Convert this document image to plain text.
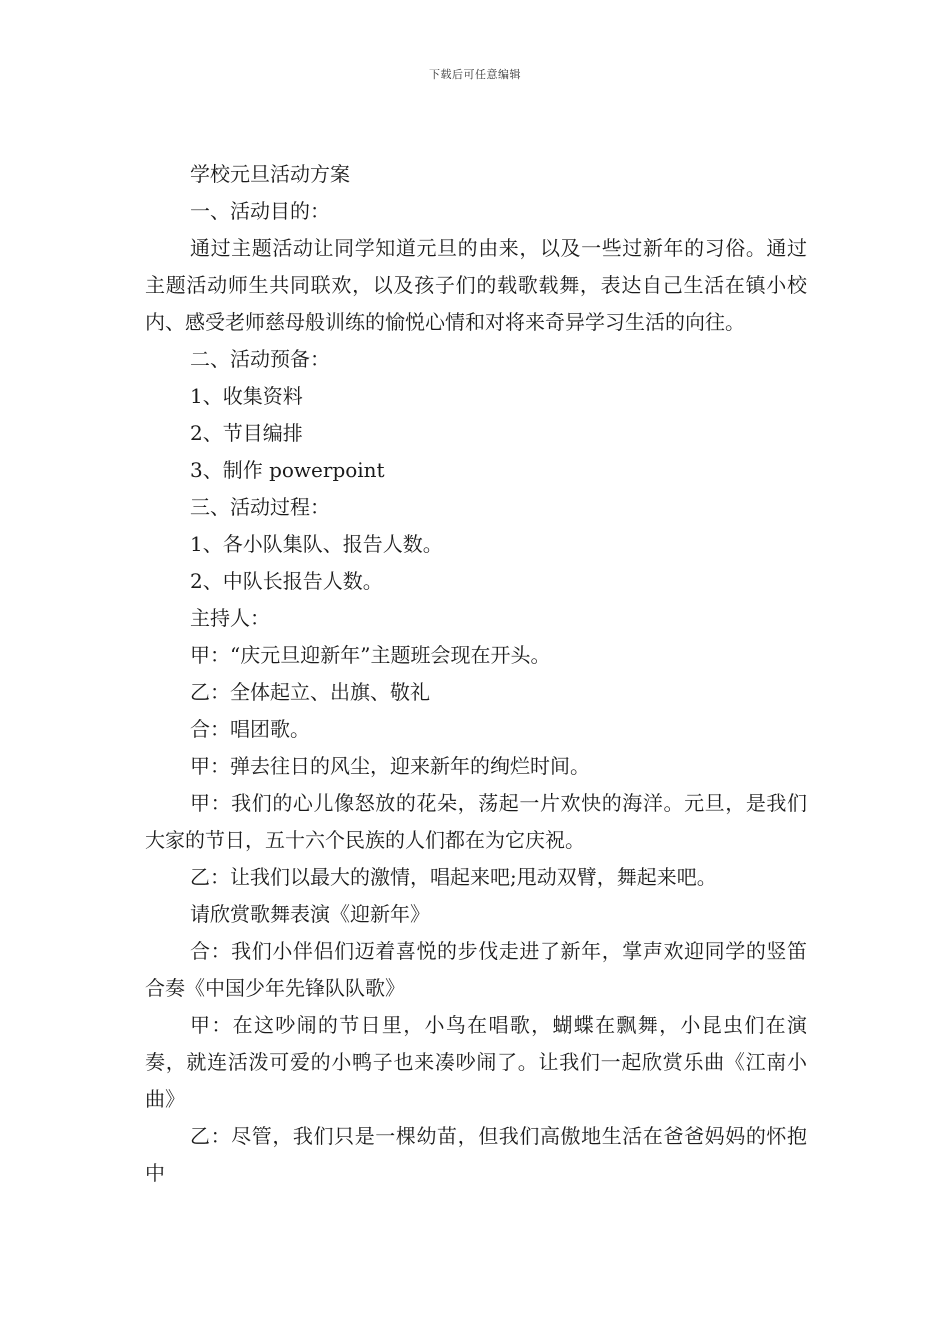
下载后可任意编辑

学校元旦活动方案

一、活动目的：

通过主题活动让同学知道元旦的由来，以及一些过新年的习俗。通过主题活动师生共同联欢，以及孩子们的载歌载舞，表达自己生活在镇小校内、感受老师慈母般训练的愉悦心情和对将来奇异学习生活的向往。

二、活动预备：

1、收集资料

2、节目编排

3、制作 powerpoint

三、活动过程：

1、各小队集队、报告人数。

2、中队长报告人数。

主持人：

甲：“庆元旦迎新年”主题班会现在开头。

乙：全体起立、出旗、敬礼

合：唱团歌。

甲：弹去往日的风尘，迎来新年的绚烂时间。

甲：我们的心儿像怒放的花朵，荡起一片欢快的海洋。元旦，是我们大家的节日，五十六个民族的人们都在为它庆祝。

乙：让我们以最大的激情，唱起来吧;甩动双臂，舞起来吧。

请欣赏歌舞表演《迎新年》

合：我们小伴侣们迈着喜悦的步伐走进了新年，掌声欢迎同学的竖笛合奏《中国少年先锋队队歌》

甲：在这吵闹的节日里，小鸟在唱歌，蝴蝶在飘舞，小昆虫们在演奏，就连活泼可爱的小鸭子也来凑吵闹了。让我们一起欣赏乐曲《江南小曲》

乙：尽管，我们只是一棵幼苗，但我们高傲地生活在爸爸妈妈的怀抱中
